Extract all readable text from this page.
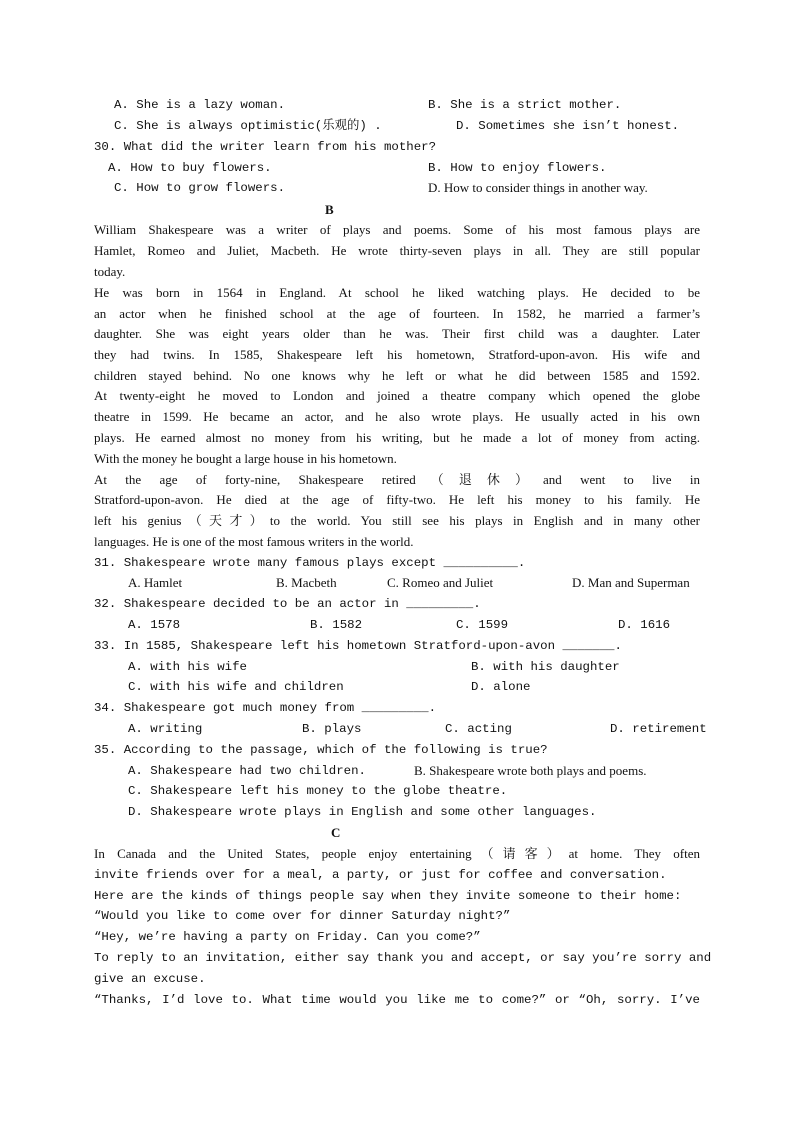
A. She is a lazy woman.	B. She is a strict mother.
C. She is always optimistic(乐观的) .	D. Sometimes she isn’t honest.
30. What did the writer learn from his mother?
A. How to buy flowers.	B. How to enjoy flowers.
C. How to grow flowers.	D. How to consider things in another way.
B
William Shakespeare was a writer of plays and poems. Some of his most famous plays are
Hamlet, Romeo and Juliet, Macbeth. He wrote thirty-seven plays in all. They are still popular
today.
He was born in 1564 in England. At school he liked watching plays. He decided to be
an actor when he finished school at the age of fourteen. In 1582, he married a farmer’s
daughter. She was eight years older than he was. Their first child was a daughter. Later
they had twins. In 1585, Shakespeare left his hometown, Stratford-upon-avon. His wife and
children stayed behind. No one knows why he left or what he did between 1585 and 1592.
At twenty-eight he moved to London and joined a theatre company which opened the globe
theatre in 1599. He became an actor, and he also wrote plays. He usually acted in his own
plays. He earned almost no money from his writing, but he made a lot of money from acting.
With the money he bought a large house in his hometown.
At the age of forty-nine, Shakespeare retired（退休）and went to live in
Stratford-upon-avon. He died at the age of fifty-two. He left his money to his family. He
left his genius（天才）to the world. You still see his plays in English and in many other
languages. He is one of the most famous writers in the world.
31. Shakespeare wrote many famous plays except __________.
A. Hamlet	B. Macbeth	C. Romeo and Juliet	D. Man and Superman
32. Shakespeare decided to be an actor in _________.
A. 1578	B. 1582	C. 1599	D. 1616
33. In 1585, Shakespeare left his hometown Stratford-upon-avon _______.
A. with his wife	B. with his daughter
C. with his wife and children	D. alone
34. Shakespeare got much money from _________.
A. writing	B. plays	C. acting	D. retirement
35. According to the passage, which of the following is true?
A. Shakespeare had two children.	B. Shakespeare wrote both plays and poems.
C. Shakespeare left his money to the globe theatre.
D. Shakespeare wrote plays in English and some other languages.
C
In Canada and the United States, people enjoy entertaining（请客）at home. They often
invite friends over for a meal, a party, or just for coffee and conversation.
Here are the kinds of things people say when they invite someone to their home:
“Would you like to come over for dinner Saturday night?”
“Hey, we’re having a party on Friday. Can you come?”
To reply to an invitation, either say thank you and accept, or say you’re sorry and
give an excuse.
“Thanks, I’d love to. What time would you like me to come?” or “Oh, sorry. I’ve
